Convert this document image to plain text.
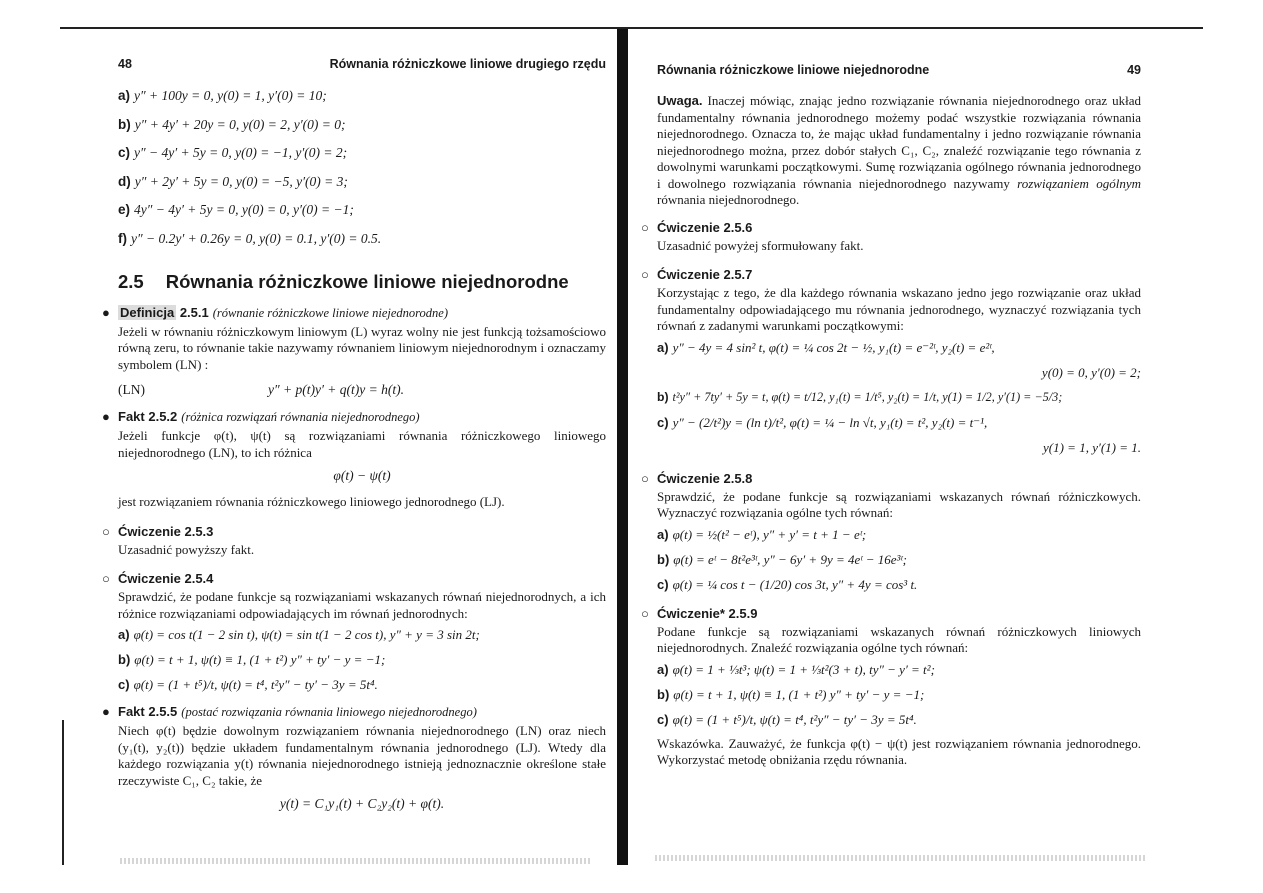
48	Równania różniczkowe liniowe drugiego rzędu
a) y″ + 100y = 0, y(0) = 1, y′(0) = 10;
b) y″ + 4y′ + 20y = 0, y(0) = 2, y′(0) = 0;
c) y″ − 4y′ + 5y = 0, y(0) = −1, y′(0) = 2;
d) y″ + 2y′ + 5y = 0, y(0) = −5, y′(0) = 3;
e) 4y″ − 4y′ + 5y = 0, y(0) = 0, y′(0) = −1;
f) y″ − 0.2y′ + 0.26y = 0, y(0) = 0.1, y′(0) = 0.5.
2.5 Równania różniczkowe liniowe niejednorodne
● Definicja 2.5.1 (równanie różniczkowe liniowe niejednorodne)

Jeżeli w równaniu różniczkowym liniowym (L) wyraz wolny nie jest funkcją tożsamościowo równą zeru, to równanie takie nazywamy równaniem liniowym niejednorodnym i oznaczamy symbolem (LN) :

(LN)	y″ + p(t)y′ + q(t)y = h(t).
● Fakt 2.5.2 (różnica rozwiązań równania niejednorodnego)

Jeżeli funkcje φ(t), ψ(t) są rozwiązaniami równania różniczkowego liniowego niejednorodnego (LN), to ich różnica

φ(t) − ψ(t)

jest rozwiązaniem równania różniczkowego liniowego jednorodnego (LJ).

○ Ćwiczenie 2.5.3

Uzasadnić powyższy fakt.

○ Ćwiczenie 2.5.4

Sprawdzić, że podane funkcje są rozwiązaniami wskazanych równań niejednorodnych, a ich różnice rozwiązaniami odpowiadających im równań jednorodnych:

a) φ(t) = cos t(1 − 2 sin t), ψ(t) = sin t(1 − 2 cos t), y″ + y = 3 sin 2t;
b) φ(t) = t + 1, ψ(t) ≡ 1, (1 + t²) y″ + ty′ − y = −1;
c) φ(t) = (1 + t⁵)/t, ψ(t) = t⁴, t²y″ − ty′ − 3y = 5t⁴.
● Fakt 2.5.5 (postać rozwiązania równania liniowego niejednorodnego)

Niech φ(t) będzie dowolnym rozwiązaniem równania niejednorodnego (LN) oraz niech (y₁(t), y₂(t)) będzie układem fundamentalnym równania jednorodnego (LJ). Wtedy dla każdego rozwiązania y(t) równania niejednorodnego istnieją jednoznacznie określone stałe rzeczywiste C₁, C₂ takie, że

y(t) = C₁y₁(t) + C₂y₂(t) + φ(t).
Równania różniczkowe liniowe niejednorodne	49

Uwaga. Inaczej mówiąc, znając jedno rozwiązanie równania niejednorodnego oraz układ fundamentalny równania jednorodnego możemy podać wszystkie rozwiązania równania niejednorodnego. Oznacza to, że mając układ fundamentalny i jedno rozwiązanie równania niejednorodnego można, przez dobór stałych C₁, C₂, znaleźć rozwiązanie tego równania z dowolnymi warunkami początkowymi. Sumę rozwiązania ogólnego równania jednorodnego i dowolnego rozwiązania równania niejednorodnego nazywamy rozwiązaniem ogólnym równania niejednorodnego.

○ Ćwiczenie 2.5.6

Uzasadnić powyżej sformułowany fakt.

○ Ćwiczenie 2.5.7

Korzystając z tego, że dla każdego równania wskazano jedno jego rozwiązanie oraz układ fundamentalny odpowiadającego mu równania jednorodnego, wyznaczyć rozwiązania tych równań z zadanymi warunkami początkowymi:

a) y″ − 4y = 4 sin² t, φ(t) = ¼ cos 2t − ½, y₁(t) = e⁻²ᵗ, y₂(t) = e²ᵗ,
y(0) = 0, y′(0) = 2;
b) t²y″ + 7ty′ + 5y = t, φ(t) = t/12, y₁(t) = 1/t⁵, y₂(t) = 1/t, y(1) = 1/2, y′(1) = −5/3;
c) y″ − (2/t²)y = (ln t)/t², φ(t) = ¼ − ln √t, y₁(t) = t², y₂(t) = t⁻¹,
y(1) = 1, y′(1) = 1.
○ Ćwiczenie 2.5.8

Sprawdzić, że podane funkcje są rozwiązaniami wskazanych równań różniczkowych. Wyznaczyć rozwiązania ogólne tych równań:

a) φ(t) = ½(t² − eᵗ), y″ + y′ = t + 1 − eᵗ;
b) φ(t) = eᵗ − 8t²e³ᵗ, y″ − 6y′ + 9y = 4eᵗ − 16e³ᵗ;
c) φ(t) = ¼ cos t − (1/20) cos 3t, y″ + 4y = cos³ t.
○ Ćwiczenie* 2.5.9

Podane funkcje są rozwiązaniami wskazanych równań różniczkowych liniowych niejednorodnych. Znaleźć rozwiązania ogólne tych równań:

a) φ(t) = 1 + ⅓t³; ψ(t) = 1 + ⅓t²(3 + t), ty″ − y′ = t²;
b) φ(t) = t + 1, ψ(t) ≡ 1, (1 + t²) y″ + ty′ − y = −1;
c) φ(t) = (1 + t⁵)/t, ψ(t) = t⁴, t²y″ − ty′ − 3y = 5t⁴.

Wskazówka. Zauważyć, że funkcja φ(t) − ψ(t) jest rozwiązaniem równania jednorodnego. Wykorzystać metodę obniżania rzędu równania.
